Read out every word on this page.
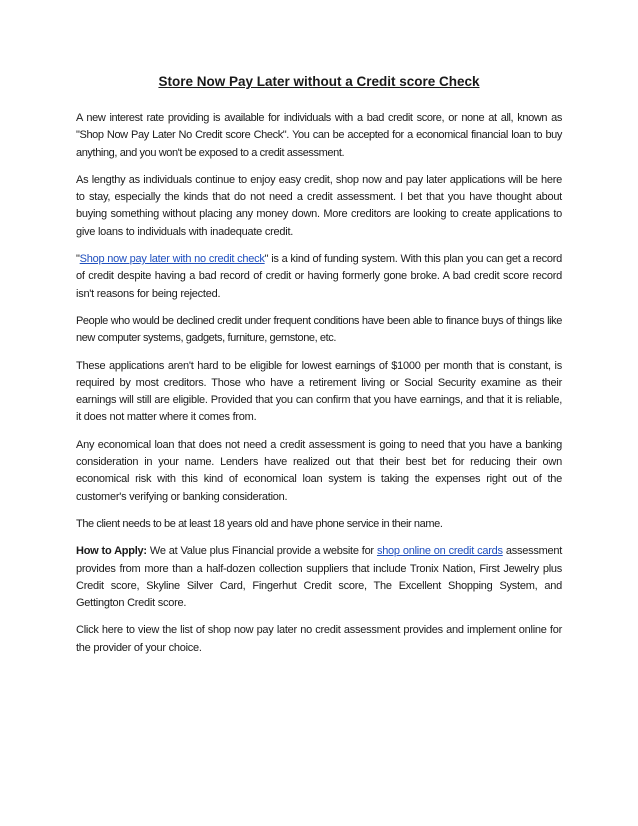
Store Now Pay Later without a Credit score Check

A new interest rate providing is available for individuals with a bad credit score, or none at all, known as "Shop Now Pay Later No Credit score Check". You can be accepted for a economical financial loan to buy anything, and you won't be exposed to a credit assessment.

As lengthy as individuals continue to enjoy easy credit, shop now and pay later applications will be here to stay, especially the kinds that do not need a credit assessment. I bet that you have thought about buying something without placing any money down. More creditors are looking to create applications to give loans to individuals with inadequate credit.

"Shop now pay later with no credit check" is a kind of funding system. With this plan you can get a record of credit despite having a bad record of credit or having formerly gone broke. A bad credit score record isn't reasons for being rejected.

People who would be declined credit under frequent conditions have been able to finance buys of things like new computer systems, gadgets, furniture, gemstone, etc.

These applications aren't hard to be eligible for lowest earnings of $1000 per month that is constant, is required by most creditors. Those who have a retirement living or Social Security examine as their earnings will still are eligible. Provided that you can confirm that you have earnings, and that it is reliable, it does not matter where it comes from.

Any economical loan that does not need a credit assessment is going to need that you have a banking consideration in your name. Lenders have realized out that their best bet for reducing their own economical risk with this kind of economical loan system is taking the expenses right out of the customer's verifying or banking consideration.

The client needs to be at least 18 years old and have phone service in their name.

How to Apply: We at Value plus Financial provide a website for shop online on credit cards assessment provides from more than a half-dozen collection suppliers that include Tronix Nation, First Jewelry plus Credit score, Skyline Silver Card, Fingerhut Credit score, The Excellent Shopping System, and Gettington Credit score.

Click here to view the list of shop now pay later no credit assessment provides and implement online for the provider of your choice.
